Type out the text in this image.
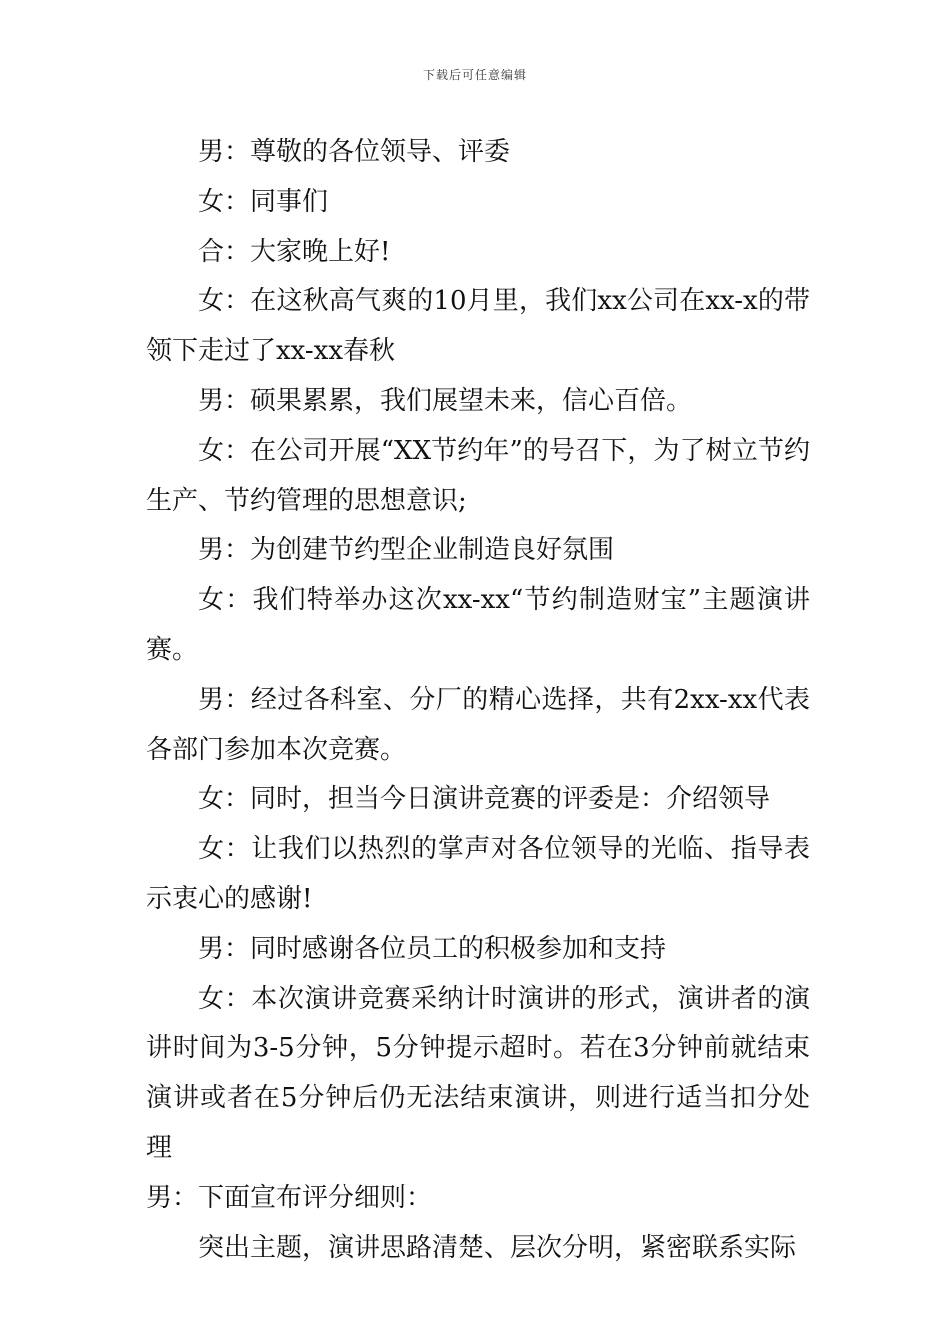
下载后可任意编辑

男：尊敬的各位领导、评委

女：同事们

合：大家晚上好!

女：在这秋高气爽的10月里，我们xx公司在xx-x的带领下走过了xx-xx春秋

男：硕果累累，我们展望未来，信心百倍。

女：在公司开展“XX节约年”的号召下，为了树立节约生产、节约管理的思想意识;

男：为创建节约型企业制造良好氛围

女：我们特举办这次xx-xx“节约制造财宝”主题演讲赛。

男：经过各科室、分厂的精心选择，共有2xx-xx代表各部门参加本次竞赛。

女：同时，担当今日演讲竞赛的评委是：介绍领导

女：让我们以热烈的掌声对各位领导的光临、指导表示衷心的感谢!

男：同时感谢各位员工的积极参加和支持

女：本次演讲竞赛采纳计时演讲的形式，演讲者的演讲时间为3-5分钟，5分钟提示超时。若在3分钟前就结束演讲或者在5分钟后仍无法结束演讲，则进行适当扣分处理

男：下面宣布评分细则：

突出主题，演讲思路清楚、层次分明，紧密联系实际
